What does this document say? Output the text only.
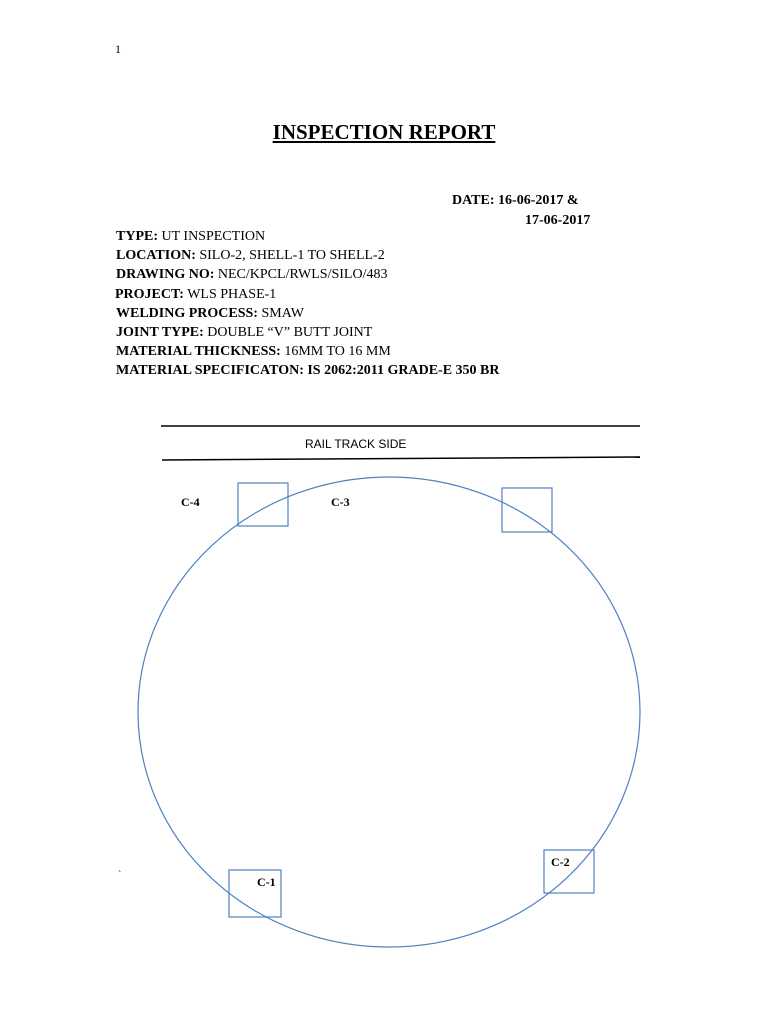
1
INSPECTION REPORT
DATE: 16-06-2017 &
17-06-2017
TYPE: UT INSPECTION
LOCATION: SILO-2, SHELL-1 TO SHELL-2
DRAWING NO: NEC/KPCL/RWLS/SILO/483
PROJECT: WLS PHASE-1
WELDING PROCESS: SMAW
JOINT TYPE: DOUBLE “V” BUTT JOINT
MATERIAL THICKNESS: 16MM TO 16 MM
MATERIAL SPECIFICATON: IS 2062:2011 GRADE-E 350 BR
RAIL TRACK SIDE
C-4	C-3
C-2
C-1
`
